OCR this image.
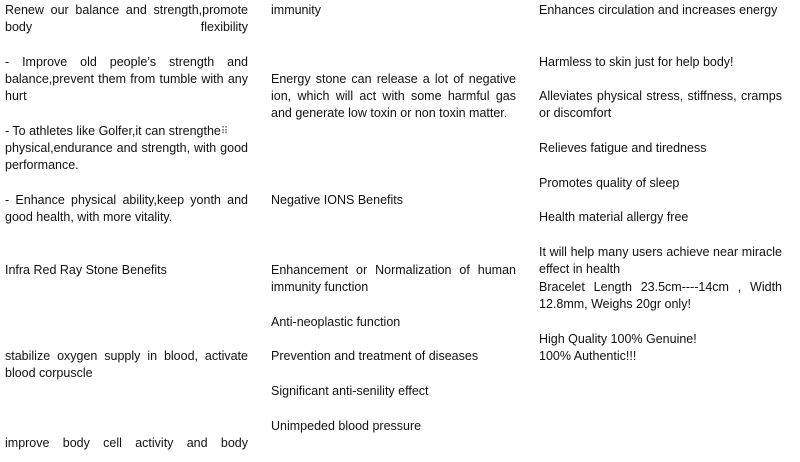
Renew our balance and strength,promote body flexibility

- Improve old people’s strength and balance,prevent them from tumble with any hurt

- To athletes like Golfer,it can strengthe⠿
physical,endurance and strength, with good performance.

- Enhance physical ability,keep yonth and good health, with more vitality.

Infra Red Ray Stone Benefits

stabilize oxygen supply in blood, activate blood corpuscle

improve body cell activity and body

immunity

Energy stone can release a lot of negative ion, which will act with some harmful gas and generate low toxin or non toxin matter.

Negative IONS Benefits

Enhancement or Normalization of human immunity function

Anti-neoplastic function

Prevention and treatment of diseases

Significant anti-senility effect

Unimpeded blood pressure

Enhances circulation and increases energy

Harmless to skin just for help body!

Alleviates physical stress, stiffness, cramps or discomfort

Relieves fatigue and tiredness

Promotes quality of sleep

Health material allergy free

It will help many users achieve near miracle effect in health

Bracelet Length 23.5cm----14cm , Width 12.8mm, Weighs 20gr only!

High Quality 100% Genuine!

100% Authentic!!!
